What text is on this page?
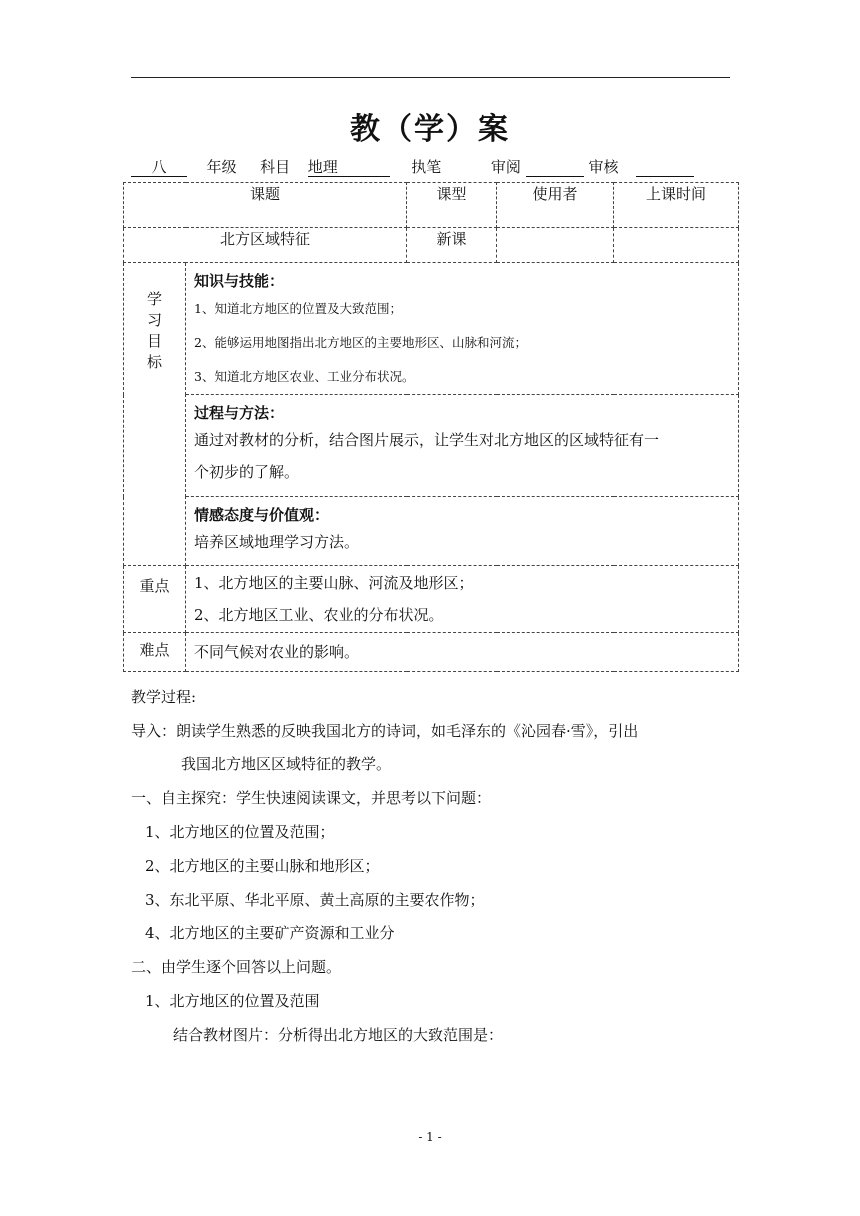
教（学）案
八	年级 科目 地理	执笔	审阅	审核
课题		课型	使用者	上课时间
北方区域特征		新课		

学习目标	知识与技能：
1、知道北方地区的位置及大致范围；
2、能够运用地图指出北方地区的主要地形区、山脉和河流；
3、知道北方地区农业、工业分布状况。			

	过程与方法：
通过对教材的分析，结合图片展示，让学生对北方地区的区域特征有一
个初步的了解。			

	情感态度与价值观：
培养区域地理学习方法。			

重点	1、北方地区的主要山脉、河流及地形区；
2、北方地区工业、农业的分布状况。			

难点	不同气候对农业的影响。			
教学过程:
导入：朗读学生熟悉的反映我国北方的诗词，如毛泽东的《沁园春·雪》，引出
我国北方地区区域特征的教学。
一、自主探究：学生快速阅读课文，并思考以下问题：
1、北方地区的位置及范围；
2、北方地区的主要山脉和地形区；
3、东北平原、华北平原、黄土高原的主要农作物；
4、北方地区的主要矿产资源和工业分
二、由学生逐个回答以上问题。
1、北方地区的位置及范围
结合教材图片：分析得出北方地区的大致范围是：
- 1 -
